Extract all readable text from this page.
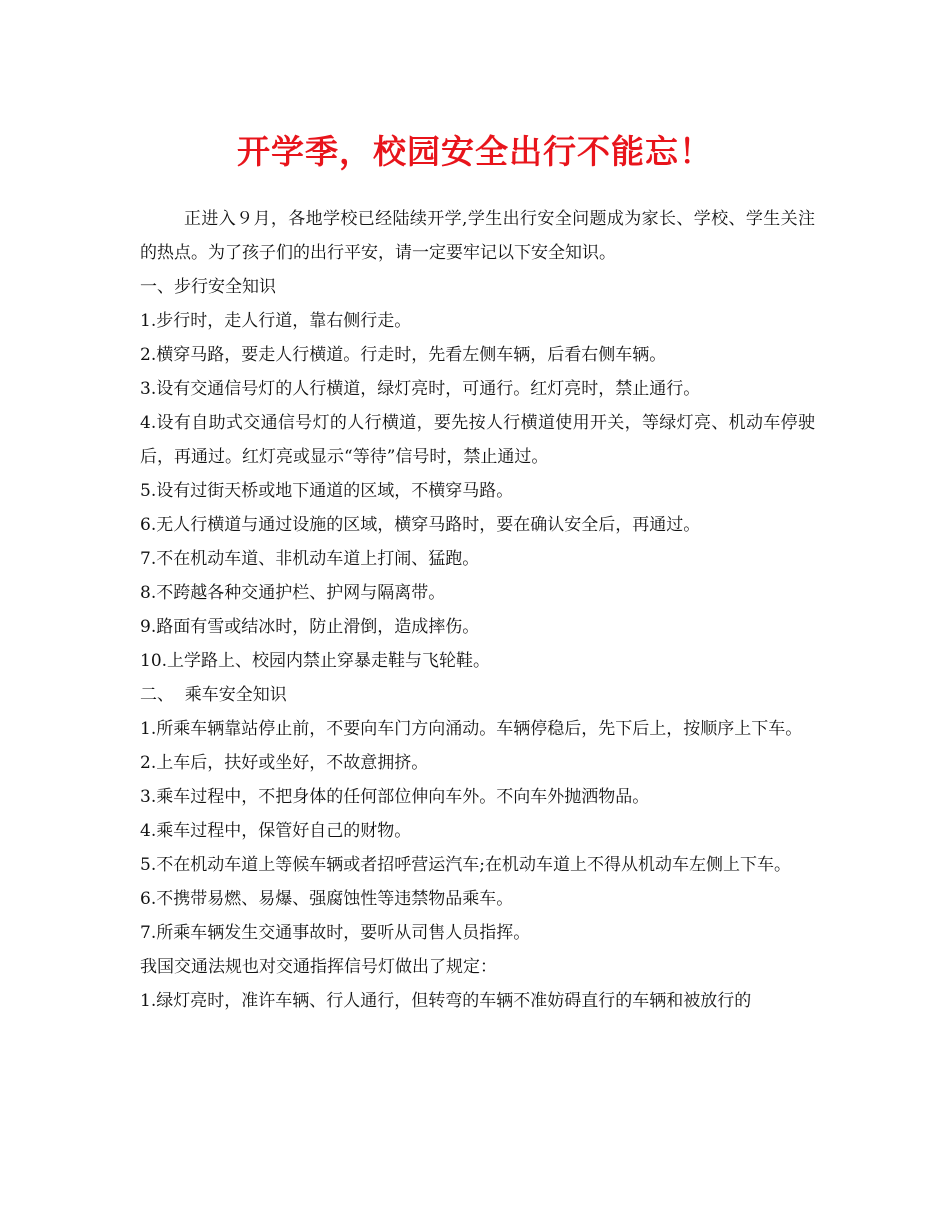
开学季，校园安全出行不能忘！

正进入９月，各地学校已经陆续开学,学生出行安全问题成为家长、学校、学生关注的热点。为了孩子们的出行平安，请一定要牢记以下安全知识。

一、步行安全知识

1.步行时，走人行道，靠右侧行走。

2.横穿马路，要走人行横道。行走时，先看左侧车辆，后看右侧车辆。

3.设有交通信号灯的人行横道，绿灯亮时，可通行。红灯亮时，禁止通行。

4.设有自助式交通信号灯的人行横道，要先按人行横道使用开关，等绿灯亮、机动车停驶后，再通过。红灯亮或显示“等待”信号时，禁止通过。

5.设有过街天桥或地下通道的区域，不横穿马路。

6.无人行横道与通过设施的区域，横穿马路时，要在确认安全后，再通过。

7.不在机动车道、非机动车道上打闹、猛跑。

8.不跨越各种交通护栏、护网与隔离带。

9.路面有雪或结冰时，防止滑倒，造成摔伤。

10.上学路上、校园内禁止穿暴走鞋与飞轮鞋。

二、  乘车安全知识

1.所乘车辆靠站停止前，不要向车门方向涌动。车辆停稳后，先下后上，按顺序上下车。

2.上车后，扶好或坐好，不故意拥挤。

3.乘车过程中，不把身体的任何部位伸向车外。不向车外抛洒物品。

4.乘车过程中，保管好自己的财物。

5.不在机动车道上等候车辆或者招呼营运汽车;在机动车道上不得从机动车左侧上下车。

6.不携带易燃、易爆、强腐蚀性等违禁物品乘车。

7.所乘车辆发生交通事故时，要听从司售人员指挥。

我国交通法规也对交通指挥信号灯做出了规定：

1.绿灯亮时，准许车辆、行人通行，但转弯的车辆不准妨碍直行的车辆和被放行的
